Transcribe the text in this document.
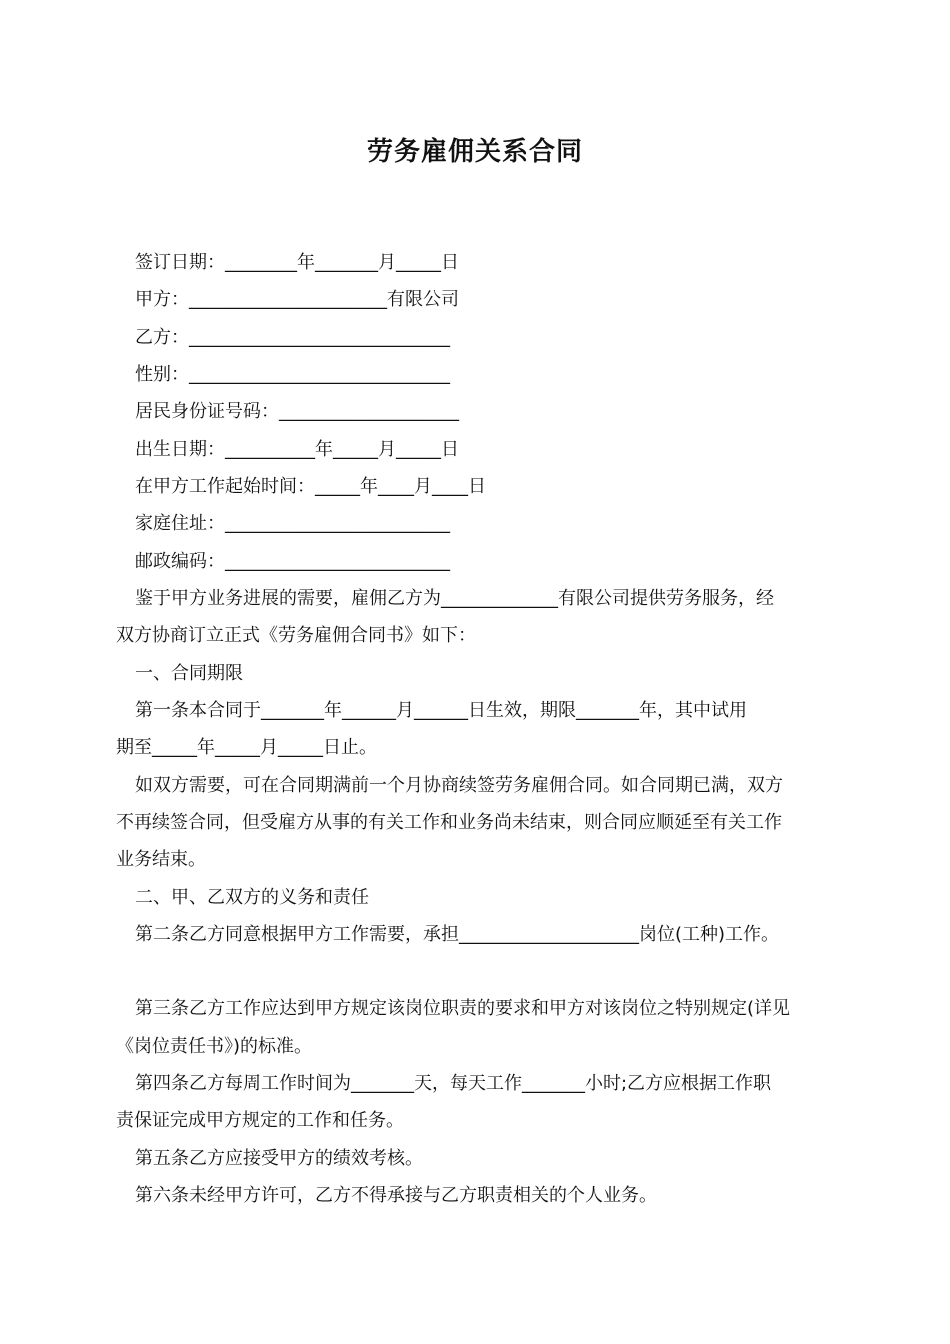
劳务雇佣关系合同
签订日期：________年_______月_____日
甲方：______________________有限公司
乙方：_____________________________
性别：_____________________________
居民身份证号码：____________________
出生日期：__________年_____月_____日
在甲方工作起始时间：_____年____月____日
家庭住址：_________________________
邮政编码：_________________________
鉴于甲方业务进展的需要，雇佣乙方为_____________有限公司提供劳务服务，经
双方协商订立正式《劳务雇佣合同书》如下：
一、合同期限
第一条本合同于_______年______月______日生效，期限_______年，其中试用
期至_____年_____月_____日止。
如双方需要，可在合同期满前一个月协商续签劳务雇佣合同。如合同期已满，双方
不再续签合同，但受雇方从事的有关工作和业务尚未结束，则合同应顺延至有关工作
业务结束。
二、甲、乙双方的义务和责任
第二条乙方同意根据甲方工作需要，承担____________________岗位(工种)工作。
第三条乙方工作应达到甲方规定该岗位职责的要求和甲方对该岗位之特别规定(详见
《岗位责任书》)的标准。
第四条乙方每周工作时间为_______天，每天工作_______小时;乙方应根据工作职
责保证完成甲方规定的工作和任务。
第五条乙方应接受甲方的绩效考核。
第六条未经甲方许可，乙方不得承接与乙方职责相关的个人业务。
